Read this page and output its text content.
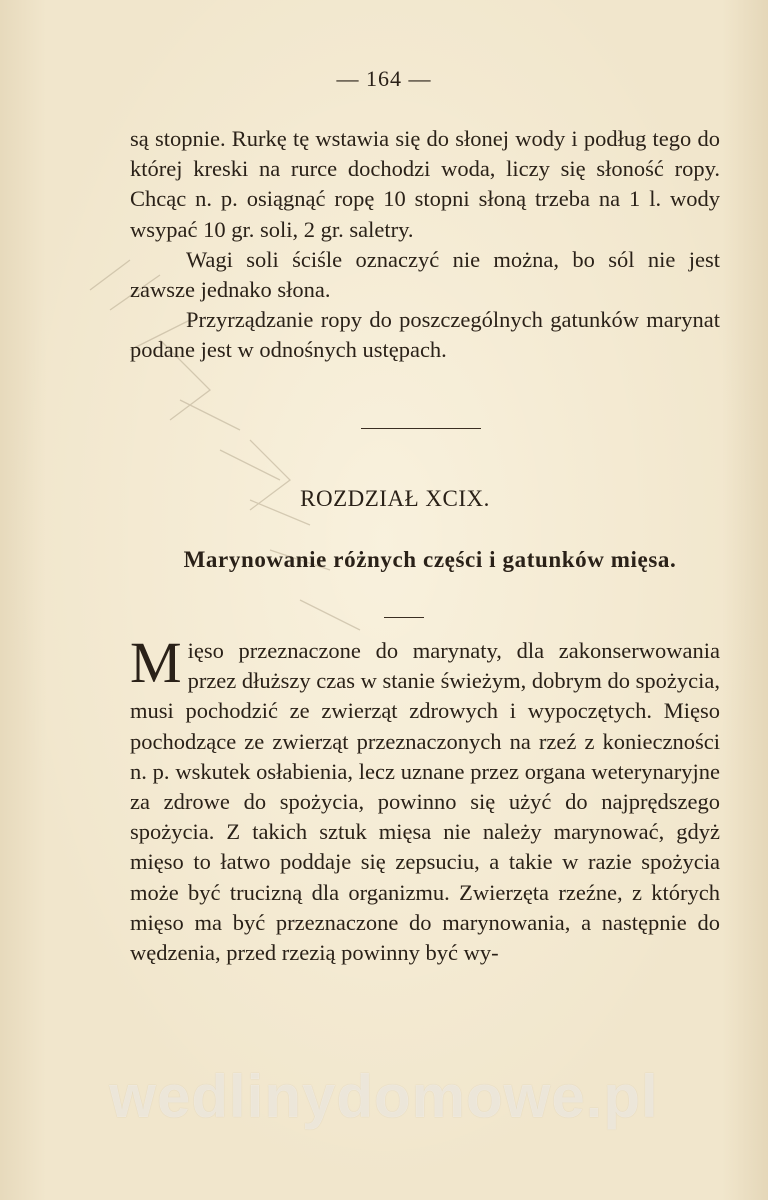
— 164 —

są stopnie. Rurkę tę wstawia się do słonej wody i podług tego do której kreski na rurce dochodzi woda, liczy się słoność ropy. Chcąc n. p. osiągnąć ropę 10 stopni słoną trzeba na 1 l. wody wsypać 10 gr. soli, 2 gr. saletry.

Wagi soli ściśle oznaczyć nie można, bo sól nie jest zawsze jednako słona.

Przyrządzanie ropy do poszczególnych gatunków marynat podane jest w odnośnych ustępach.

ROZDZIAŁ XCIX.
Marynowanie różnych części i gatunków mięsa.

Mięso przeznaczone do marynaty, dla zakonserwowania przez dłuższy czas w stanie świeżym, dobrym do spożycia, musi pochodzić ze zwierząt zdrowych i wypoczętych. Mięso pochodzące ze zwierząt przeznaczonych na rzeź z konieczności n. p. wskutek osłabienia, lecz uznane przez organa weterynaryjne za zdrowe do spożycia, powinno się użyć do najprędszego spożycia. Z takich sztuk mięsa nie należy marynować, gdyż mięso to łatwo poddaje się zepsuciu, a takie w razie spożycia może być trucizną dla organizmu. Zwierzęta rzeźne, z których mięso ma być przeznaczone do marynowania, a następnie do wędzenia, przed rzezią powinny być wy-

wedlinydomowe.pl
